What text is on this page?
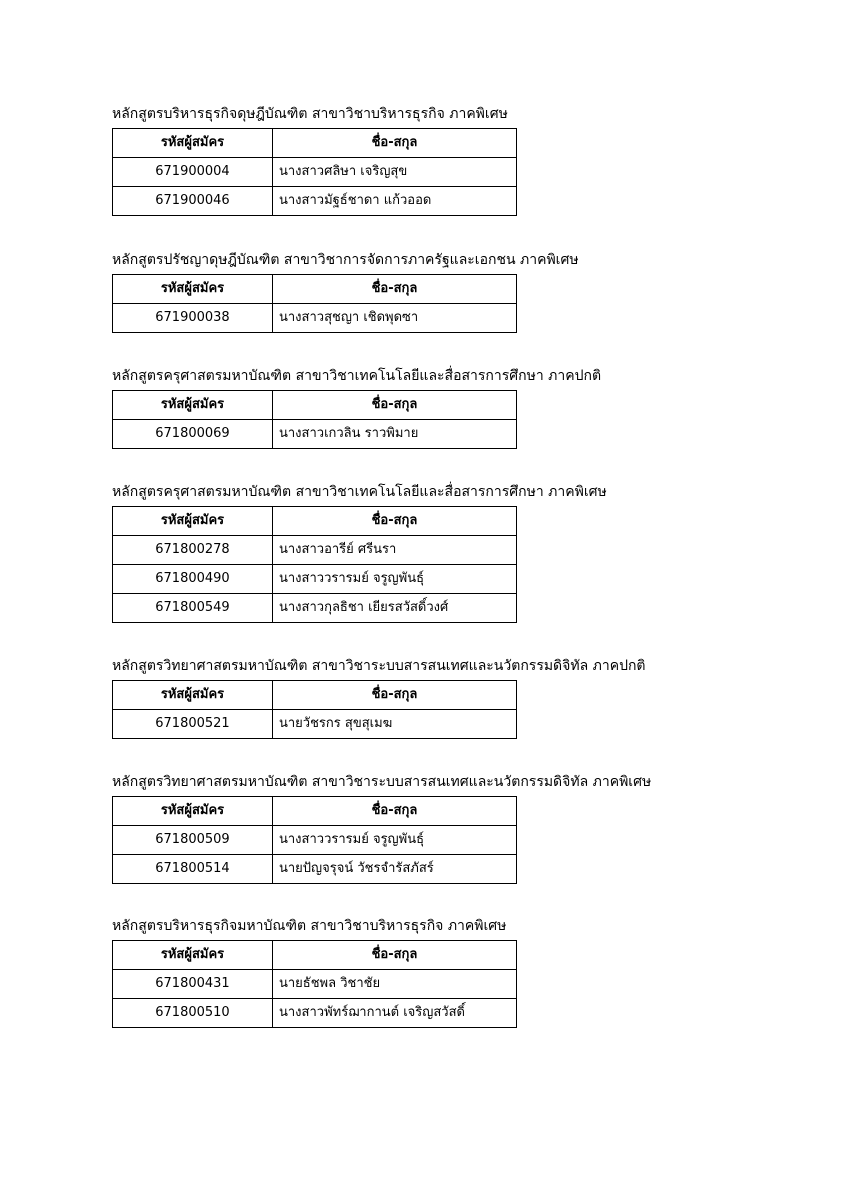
หลักสูตรบริหารธุรกิจดุษฎีบัณฑิต สาขาวิชาบริหารธุรกิจ ภาคพิเศษ
รหัสผู้สมัคร	ชื่อ-สกุล
671900004	นางสาวศลิษา เจริญสุข
671900046	นางสาวมัฐธ์ชาดา แก้วออด
หลักสูตรปรัชญาดุษฎีบัณฑิต สาขาวิชาการจัดการภาครัฐและเอกชน ภาคพิเศษ
รหัสผู้สมัคร	ชื่อ-สกุล
671900038	นางสาวสุชญา เชิดพุดซา
หลักสูตรครุศาสตรมหาบัณฑิต สาขาวิชาเทคโนโลยีและสื่อสารการศึกษา ภาคปกติ
รหัสผู้สมัคร	ชื่อ-สกุล
671800069	นางสาวเกวลิน ราวพิมาย
หลักสูตรครุศาสตรมหาบัณฑิต สาขาวิชาเทคโนโลยีและสื่อสารการศึกษา ภาคพิเศษ
รหัสผู้สมัคร	ชื่อ-สกุล
671800278	นางสาวอารีย์ ศรีนรา
671800490	นางสาววรารมย์ จรูญพันธุ์
671800549	นางสาวกุลธิชา เยียรสวัสดิ์วงศ์
หลักสูตรวิทยาศาสตรมหาบัณฑิต สาขาวิชาระบบสารสนเทศและนวัตกรรมดิจิทัล ภาคปกติ
รหัสผู้สมัคร	ชื่อ-สกุล
671800521	นายวัชรกร สุขสุเมฆ
หลักสูตรวิทยาศาสตรมหาบัณฑิต สาขาวิชาระบบสารสนเทศและนวัตกรรมดิจิทัล ภาคพิเศษ
รหัสผู้สมัคร	ชื่อ-สกุล
671800509	นางสาววรารมย์ จรูญพันธุ์
671800514	นายปัญจรุจน์ วัชรจำรัสภัสร์
หลักสูตรบริหารธุรกิจมหาบัณฑิต สาขาวิชาบริหารธุรกิจ ภาคพิเศษ
รหัสผู้สมัคร	ชื่อ-สกุล
671800431	นายธัชพล วิชาชัย
671800510	นางสาวพัทร์ฌากานต์ เจริญสวัสดิ์
